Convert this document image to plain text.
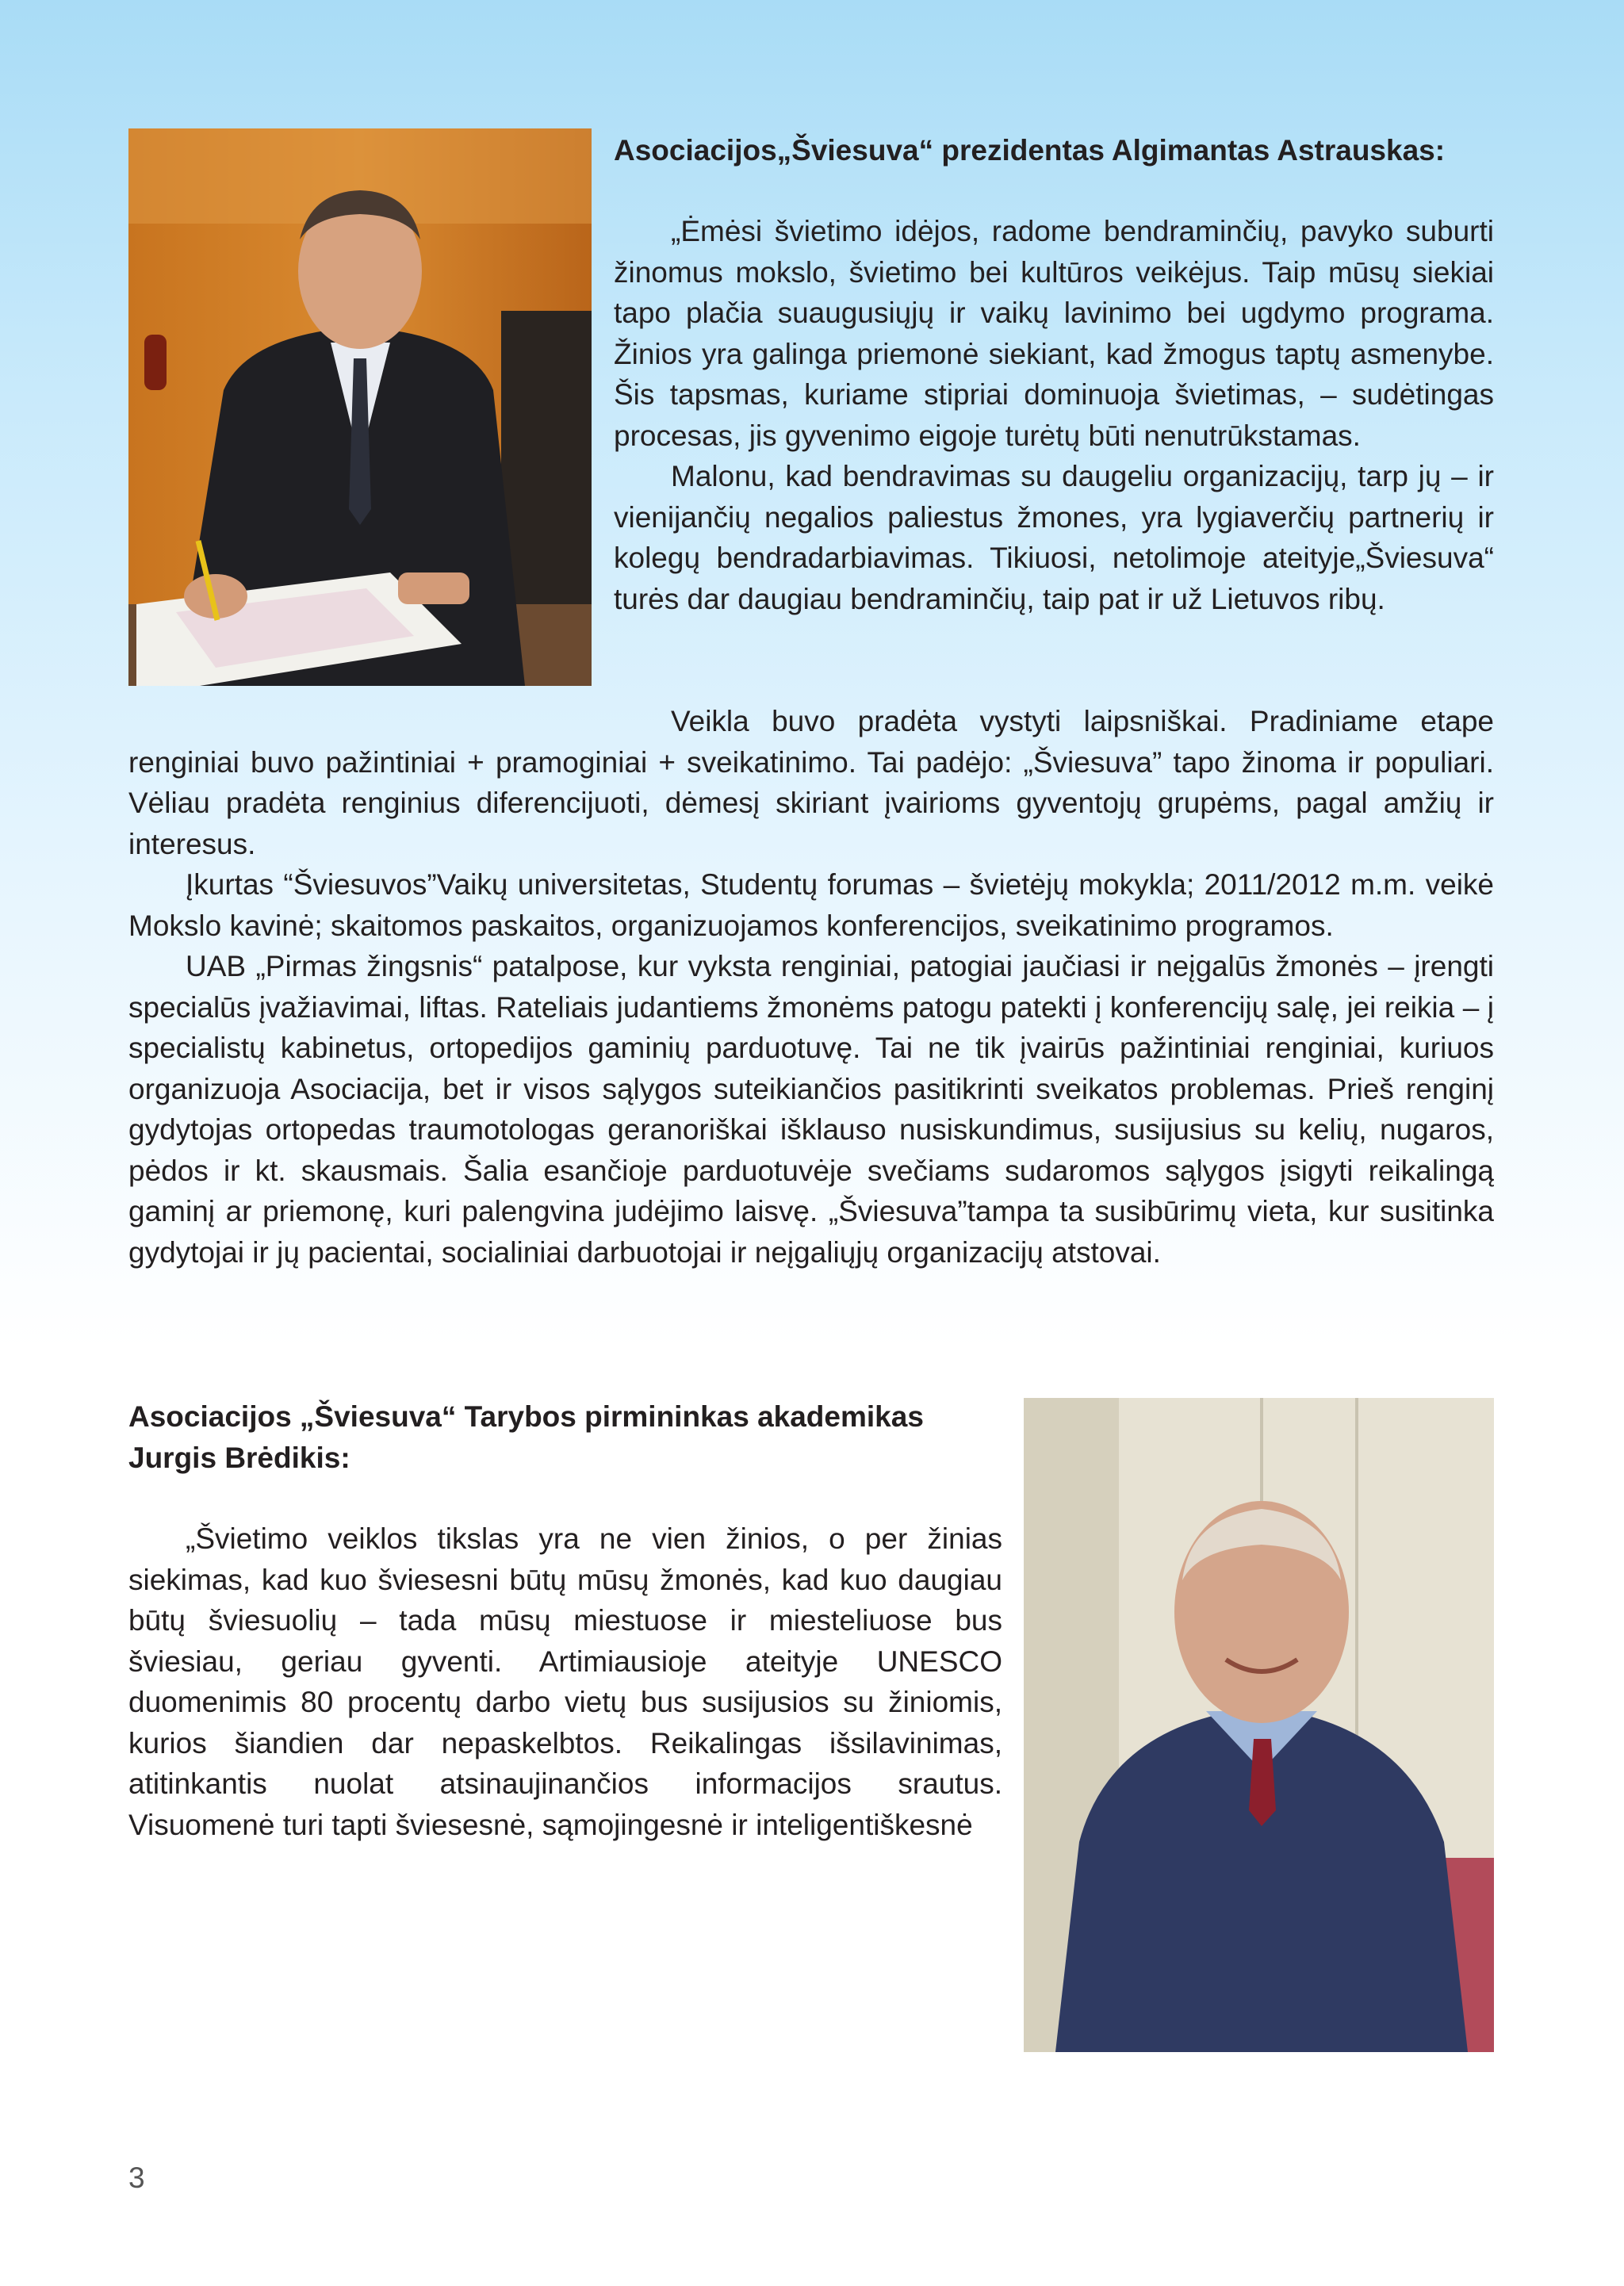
Asociacijos„Šviesuva“ prezidentas Algimantas Astrauskas:

„Ėmėsi švietimo idėjos, radome bendraminčių, pavyko suburti žinomus mokslo, švietimo bei kultūros veikėjus. Taip mūsų siekiai tapo plačia suaugusiųjų ir vaikų lavinimo bei ugdymo programa. Žinios yra galinga priemonė siekiant, kad žmogus taptų asmenybe. Šis tapsmas, kuriame stipriai dominuoja švietimas, – sudėtingas procesas, jis gyvenimo eigoje turėtų būti nenutrūkstamas.

Malonu, kad bendravimas su daugeliu organizacijų, tarp jų – ir vienijančių negalios paliestus žmones, yra lygiaverčių partnerių ir kolegų bendradarbiavimas. Tikiuosi, netolimoje ateityje„Šviesuva“ turės dar daugiau bendraminčių, taip pat ir už Lietuvos ribų.

Veikla buvo pradėta vystyti laipsniškai. Pradiniame etape renginiai buvo pažintiniai + pramoginiai + sveikatinimo. Tai padėjo: „Šviesuva” tapo žinoma ir populiari. Vėliau pradėta renginius diferencijuoti, dėmesį skiriant įvairioms gyventojų grupėms, pagal amžių ir interesus.

Įkurtas “Šviesuvos”Vaikų universitetas, Studentų forumas – švietėjų mokykla; 2011/2012 m.m. veikė Mokslo kavinė; skaitomos paskaitos, organizuojamos konferencijos, sveikatinimo programos.

UAB „Pirmas žingsnis“ patalpose, kur vyksta renginiai, patogiai jaučiasi ir neįgalūs žmonės – įrengti specialūs įvažiavimai, liftas. Rateliais judantiems žmonėms patogu patekti į konferencijų salę, jei reikia – į specialistų kabinetus, ortopedijos gaminių parduotuvę. Tai ne tik įvairūs pažintiniai renginiai, kuriuos organizuoja Asociacija, bet ir visos sąlygos suteikiančios pasitikrinti sveikatos problemas. Prieš renginį gydytojas ortopedas traumotologas geranoriškai išklauso nusiskundimus, susijusius su kelių, nugaros, pėdos ir kt. skausmais. Šalia esančioje parduotuvėje svečiams sudaromos sąlygos įsigyti reikalingą gaminį ar priemonę, kuri palengvina judėjimo laisvę. „Šviesuva”tampa ta susibūrimų vieta, kur susitinka gydytojai ir jų pacientai, socialiniai darbuotojai ir neįgaliųjų organizacijų atstovai.

Asociacijos „Šviesuva“ Tarybos pirmininkas akademikas Jurgis Brėdikis:

„Švietimo veiklos tikslas yra ne vien žinios, o per žinias siekimas, kad kuo šviesesni būtų mūsų žmonės, kad kuo daugiau būtų šviesuolių – tada mūsų miestuose ir miesteliuose bus šviesiau, geriau gyventi. Artimiausioje ateityje UNESCO duomenimis 80 procentų darbo vietų bus susijusios su žiniomis, kurios šiandien dar nepaskelbtos. Reikalingas išsilavinimas, atitinkantis nuolat atsinaujinančios informacijos srautus. Visuomenė turi tapti šviesesnė, sąmojingesnė ir inteligentiškesnė

3
